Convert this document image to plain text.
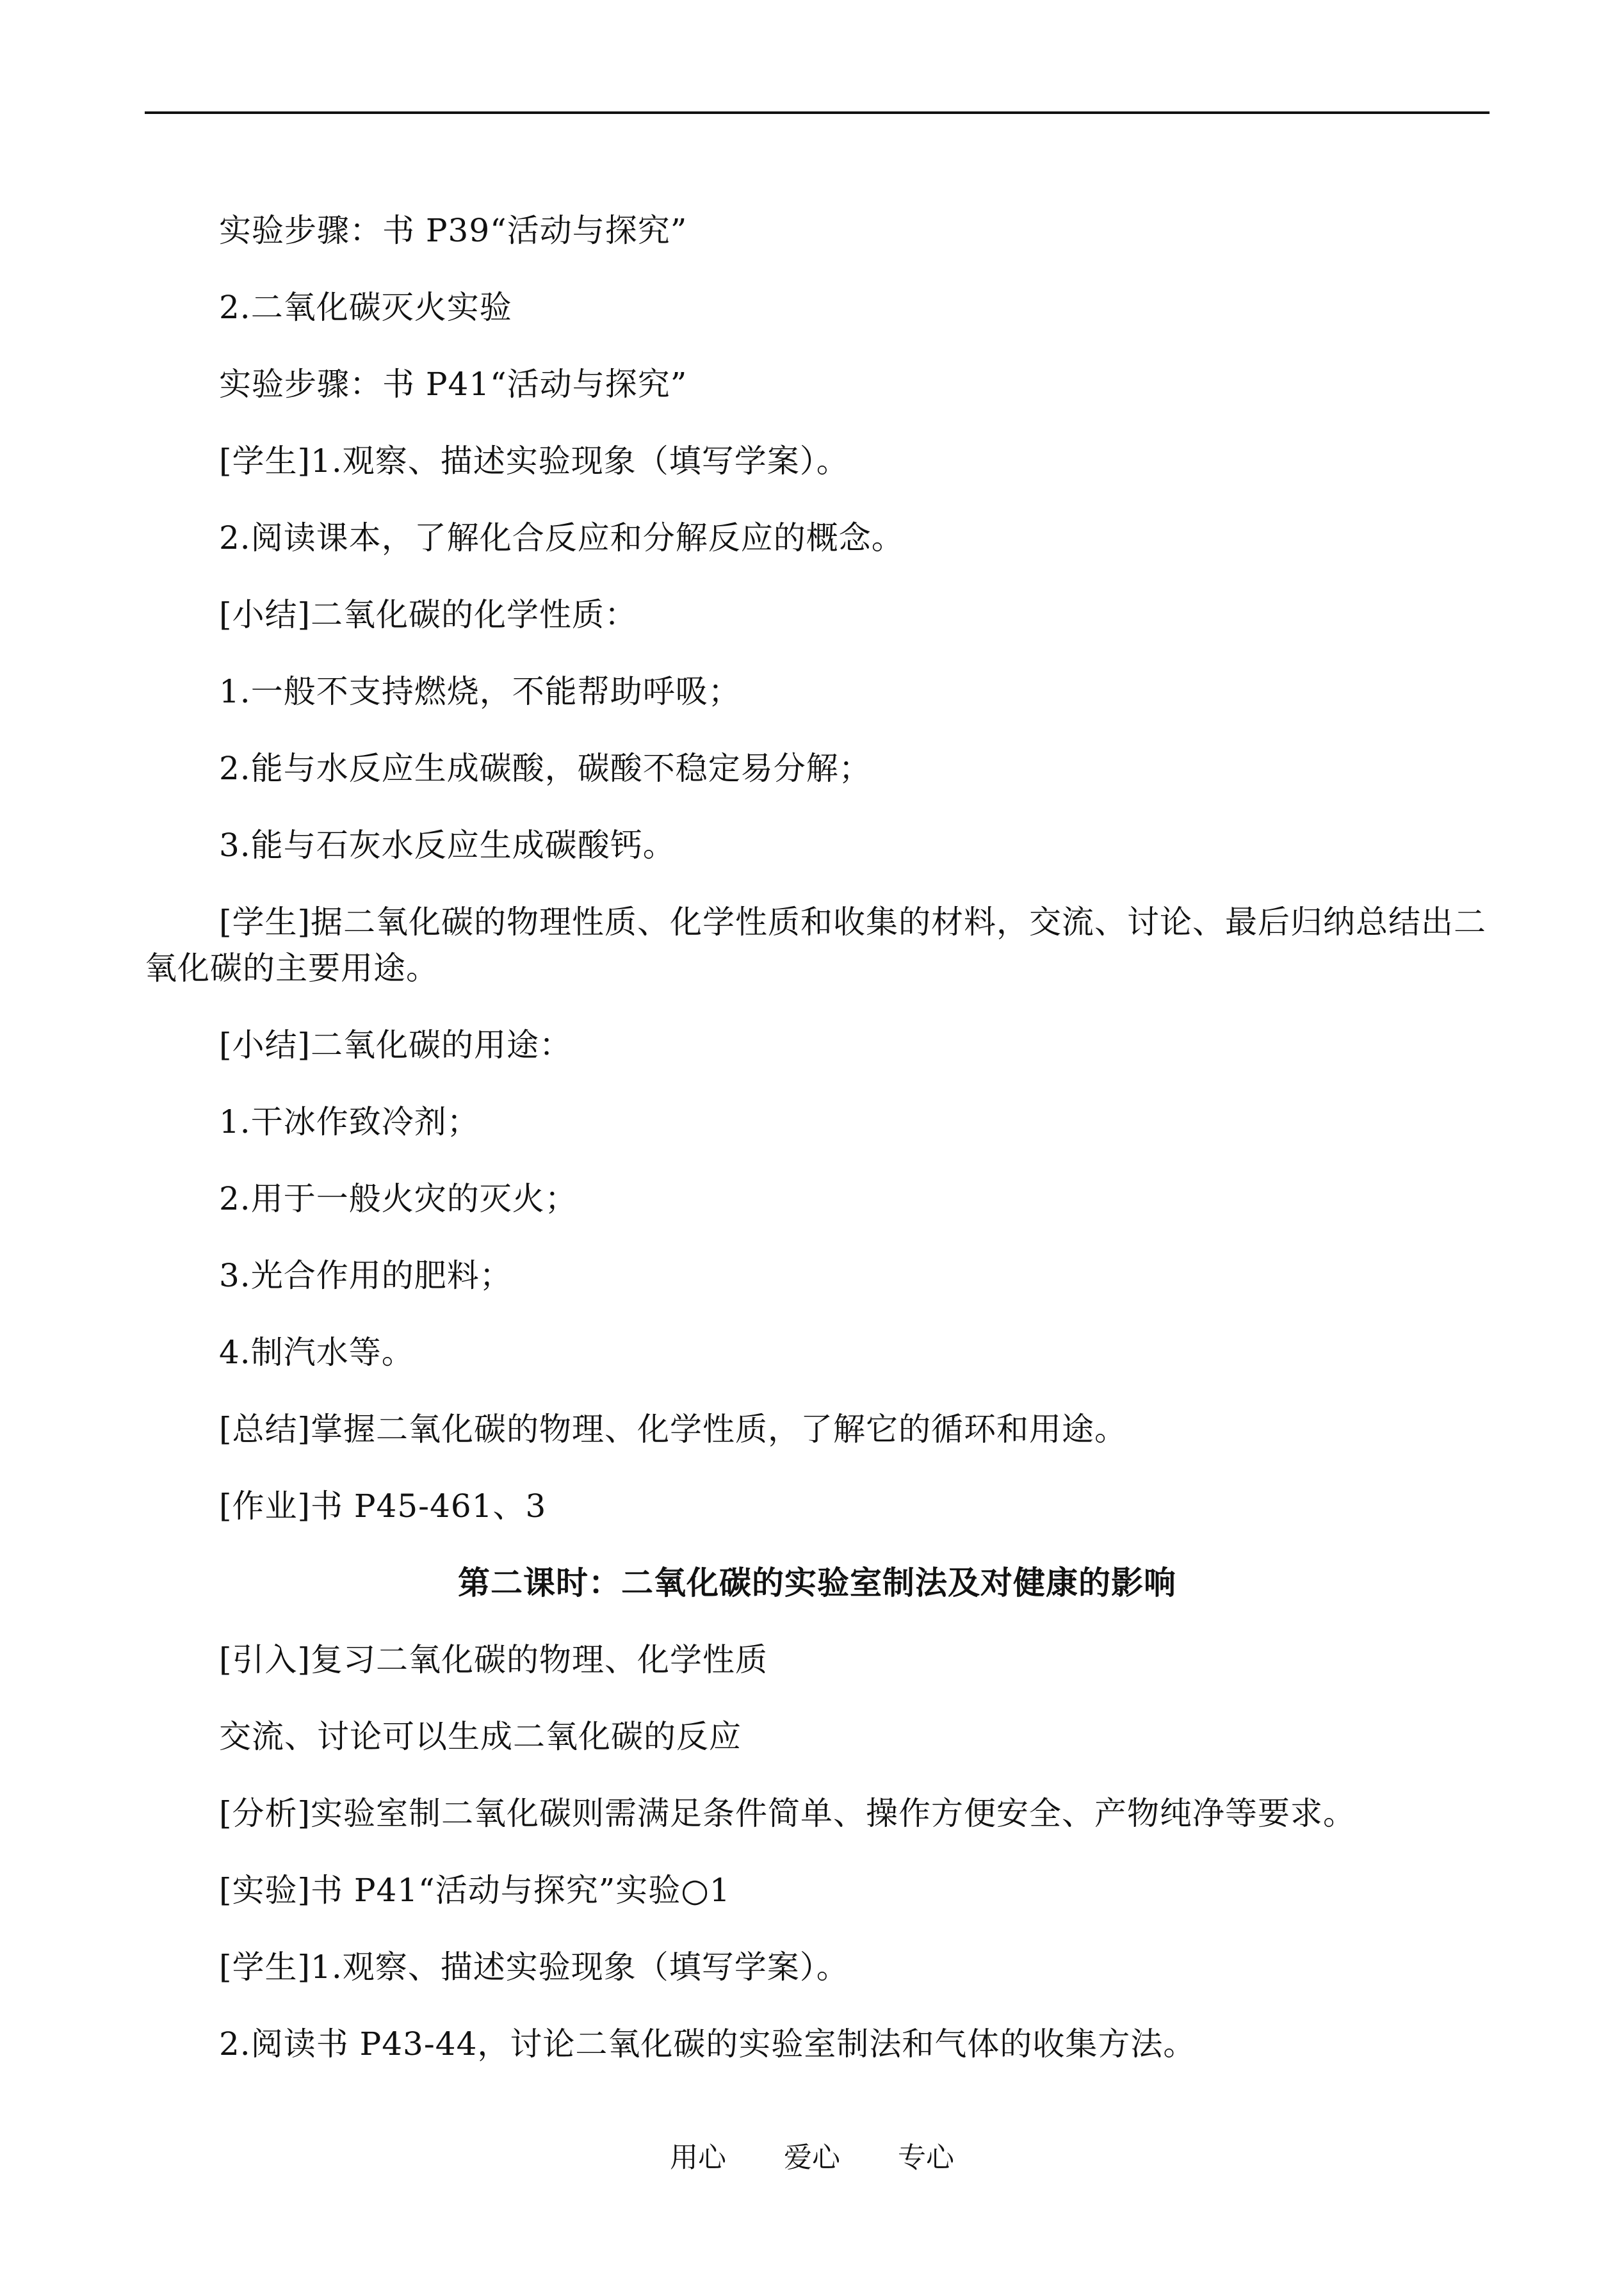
实验步骤：书 P39“活动与探究”

2.二氧化碳灭火实验

实验步骤：书 P41“活动与探究”

[学生]1.观察、描述实验现象（填写学案）。

2.阅读课本，了解化合反应和分解反应的概念。

[小结]二氧化碳的化学性质：

1.一般不支持燃烧，不能帮助呼吸；

2.能与水反应生成碳酸，碳酸不稳定易分解；

3.能与石灰水反应生成碳酸钙。

[学生]据二氧化碳的物理性质、化学性质和收集的材料，交流、讨论、最后归纳总结出二氧化碳的主要用途。

[小结]二氧化碳的用途：

1.干冰作致冷剂；

2.用于一般火灾的灭火；

3.光合作用的肥料；

4.制汽水等。

[总结]掌握二氧化碳的物理、化学性质，了解它的循环和用途。

[作业]书 P45-461、3

第二课时：二氧化碳的实验室制法及对健康的影响

[引入]复习二氧化碳的物理、化学性质

交流、讨论可以生成二氧化碳的反应

[分析]实验室制二氧化碳则需满足条件简单、操作方便安全、产物纯净等要求。

[实验]书 P41“活动与探究”实验○1

[学生]1.观察、描述实验现象（填写学案）。

2.阅读书 P43-44，讨论二氧化碳的实验室制法和气体的收集方法。

用心 爱心 专心
